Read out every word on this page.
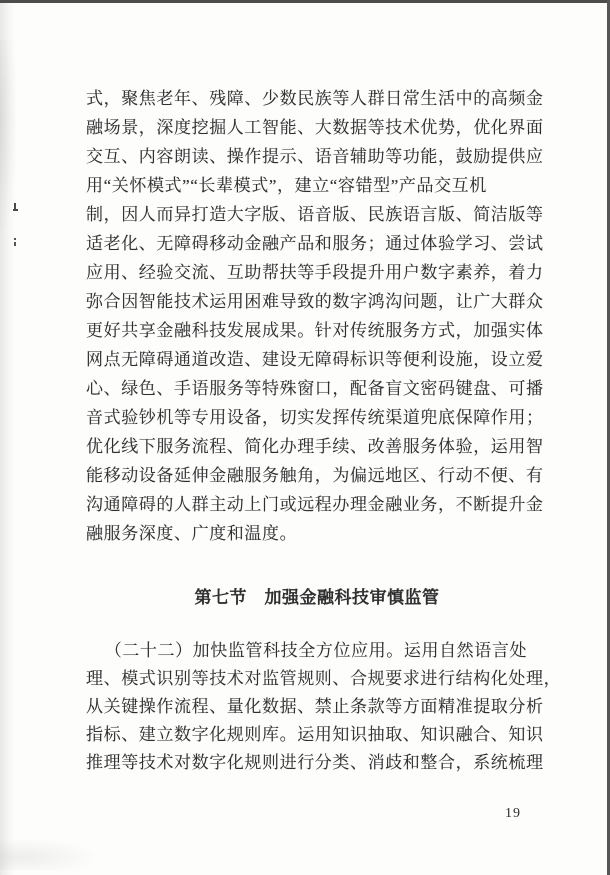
式，聚焦老年、残障、少数民族等人群日常生活中的高频金
融场景，深度挖掘人工智能、大数据等技术优势，优化界面
交互、内容朗读、操作提示、语音辅助等功能，鼓励提供应
用“关怀模式”“长辈模式”，建立“容错型”产品交互机
制，因人而异打造大字版、语音版、民族语言版、简洁版等
适老化、无障碍移动金融产品和服务；通过体验学习、尝试
应用、经验交流、互助帮扶等手段提升用户数字素养，着力
弥合因智能技术运用困难导致的数字鸿沟问题，让广大群众
更好共享金融科技发展成果。针对传统服务方式，加强实体
网点无障碍通道改造、建设无障碍标识等便利设施，设立爱
心、绿色、手语服务等特殊窗口，配备盲文密码键盘、可播
音式验钞机等专用设备，切实发挥传统渠道兜底保障作用；
优化线下服务流程、简化办理手续、改善服务体验，运用智
能移动设备延伸金融服务触角，为偏远地区、行动不便、有
沟通障碍的人群主动上门或远程办理金融业务，不断提升金
融服务深度、广度和温度。
第七节　加强金融科技审慎监管
（二十二）加快监管科技全方位应用。运用自然语言处
理、模式识别等技术对监管规则、合规要求进行结构化处理，
从关键操作流程、量化数据、禁止条款等方面精准提取分析
指标、建立数字化规则库。运用知识抽取、知识融合、知识
推理等技术对数字化规则进行分类、消歧和整合，系统梳理
19
